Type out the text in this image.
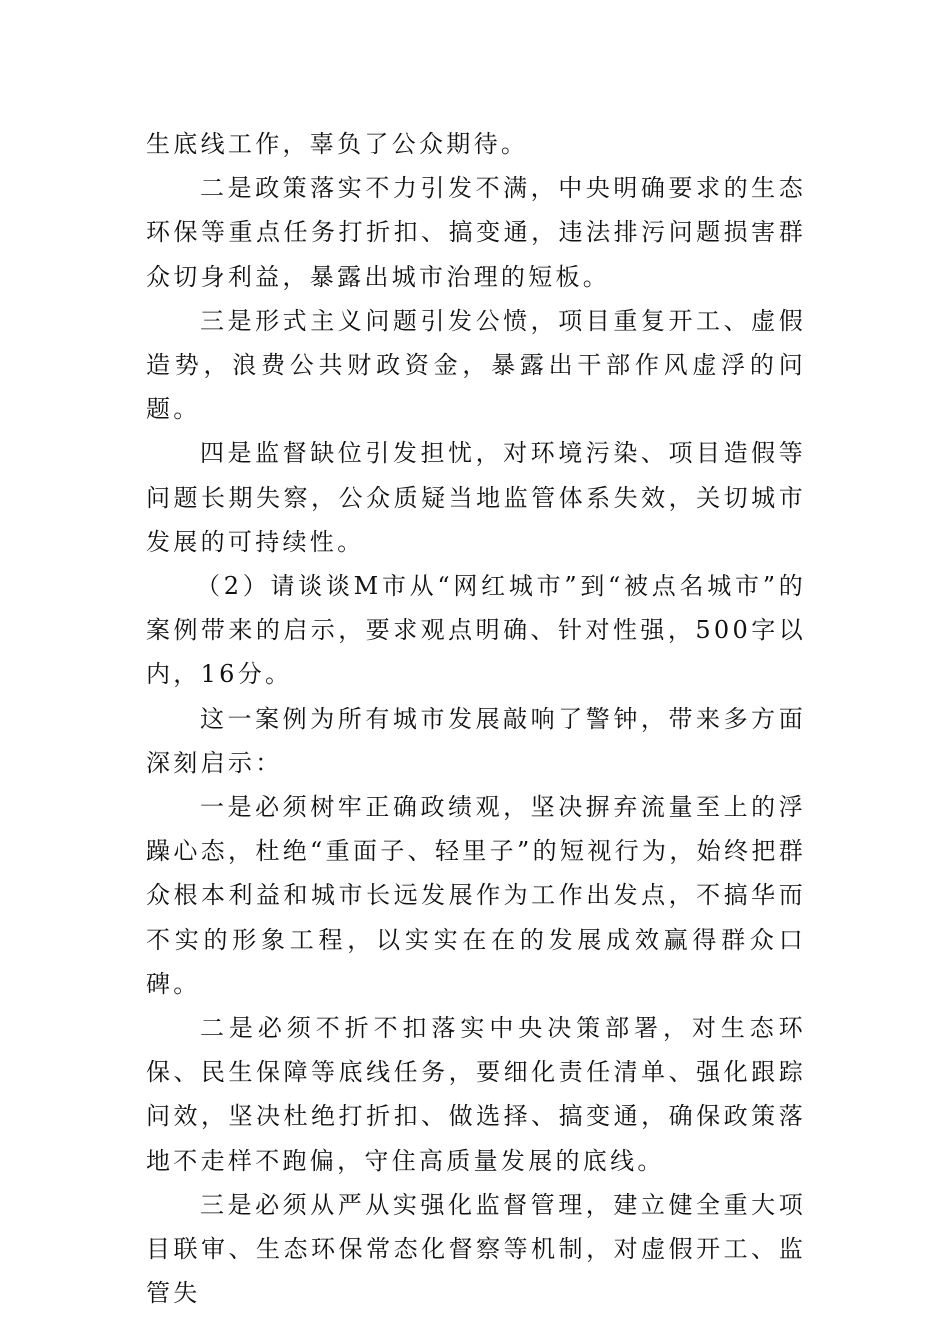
生底线工作，辜负了公众期待。

二是政策落实不力引发不满，中央明确要求的生态环保等重点任务打折扣、搞变通，违法排污问题损害群众切身利益，暴露出城市治理的短板。

三是形式主义问题引发公愤，项目重复开工、虚假造势，浪费公共财政资金，暴露出干部作风虚浮的问题。

四是监督缺位引发担忧，对环境污染、项目造假等问题长期失察，公众质疑当地监管体系失效，关切城市发展的可持续性。

（2）请谈谈M市从“网红城市”到“被点名城市”的案例带来的启示，要求观点明确、针对性强，500字以内，16分。

这一案例为所有城市发展敲响了警钟，带来多方面深刻启示：

一是必须树牢正确政绩观，坚决摒弃流量至上的浮躁心态，杜绝“重面子、轻里子”的短视行为，始终把群众根本利益和城市长远发展作为工作出发点，不搞华而不实的形象工程，以实实在在的发展成效赢得群众口碑。

二是必须不折不扣落实中央决策部署，对生态环保、民生保障等底线任务，要细化责任清单、强化跟踪问效，坚决杜绝打折扣、做选择、搞变通，确保政策落地不走样不跑偏，守住高质量发展的底线。

三是必须从严从实强化监督管理，建立健全重大项目联审、生态环保常态化督察等机制，对虚假开工、监管失
